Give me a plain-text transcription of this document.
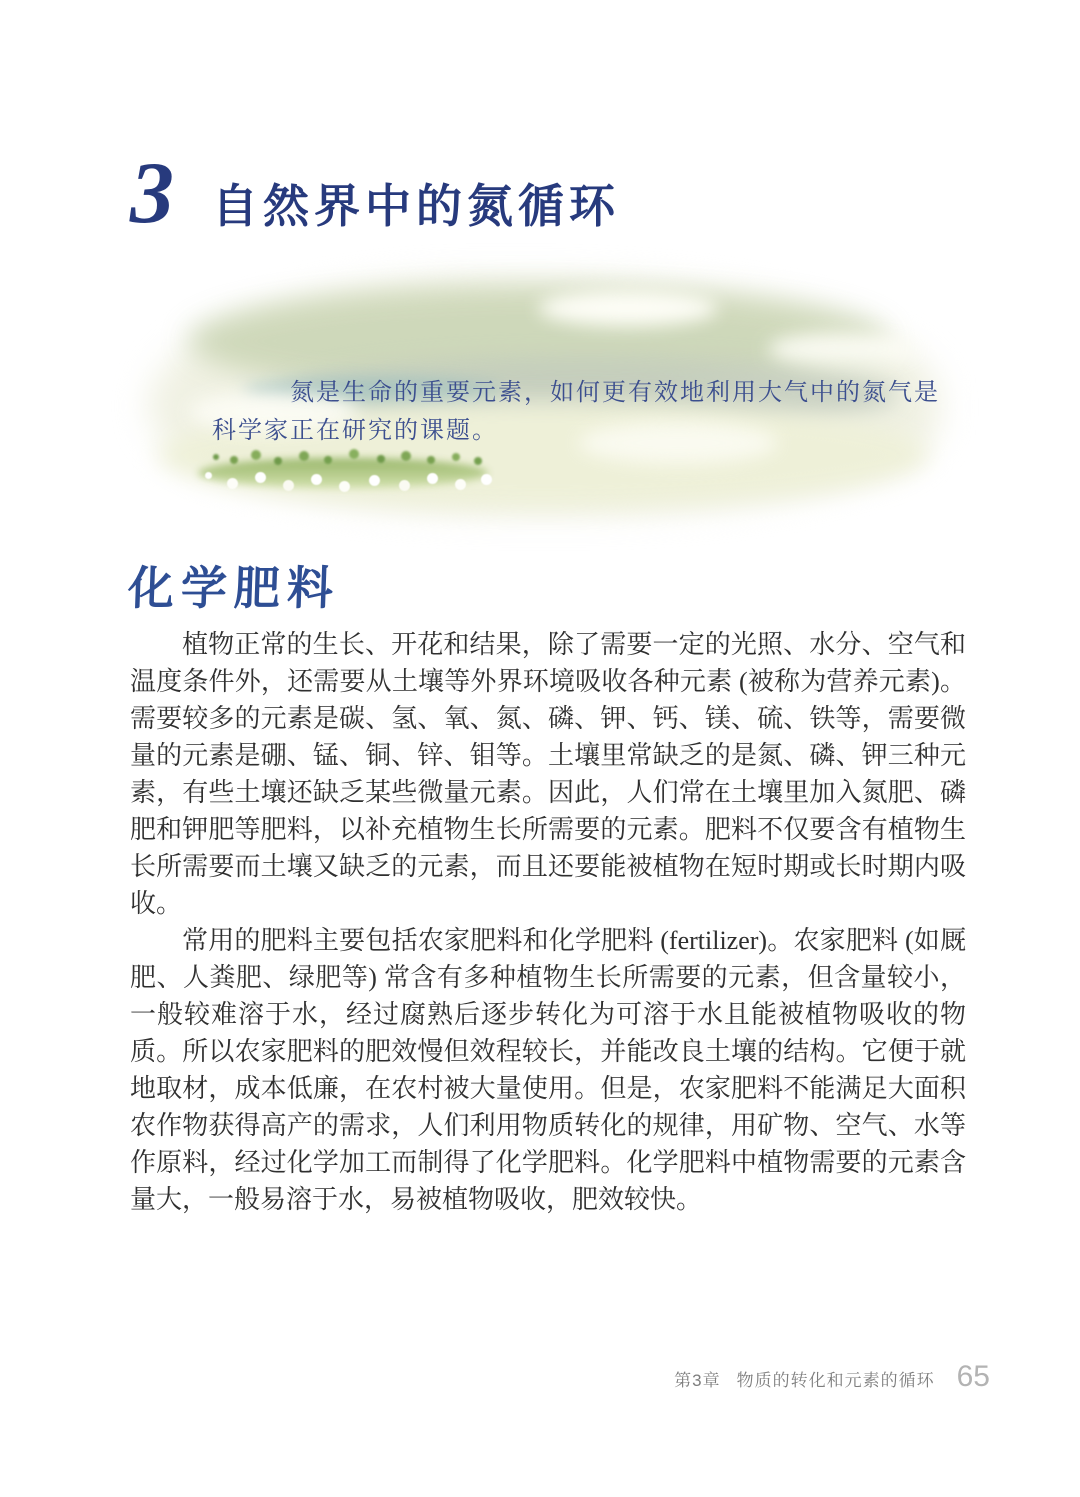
3 自然界中的氮循环
氮是生命的重要元素，如何更有效地利用大气中的氮气是
科学家正在研究的课题。
化学肥料

植物正常的生长、开花和结果，除了需要一定的光照、水分、空气和温度条件外，还需要从土壤等外界环境吸收各种元素 (被称为营养元素)。需要较多的元素是碳、氢、氧、氮、磷、钾、钙、镁、硫、铁等，需要微量的元素是硼、锰、铜、锌、钼等。土壤里常缺乏的是氮、磷、钾三种元素，有些土壤还缺乏某些微量元素。因此，人们常在土壤里加入氮肥、磷肥和钾肥等肥料，以补充植物生长所需要的元素。肥料不仅要含有植物生长所需要而土壤又缺乏的元素，而且还要能被植物在短时期或长时期内吸收。

常用的肥料主要包括农家肥料和化学肥料 (fertilizer)。农家肥料 (如厩肥、人粪肥、绿肥等) 常含有多种植物生长所需要的元素，但含量较小，一般较难溶于水，经过腐熟后逐步转化为可溶于水且能被植物吸收的物质。所以农家肥料的肥效慢但效程较长，并能改良土壤的结构。它便于就地取材，成本低廉，在农村被大量使用。但是，农家肥料不能满足大面积农作物获得高产的需求，人们利用物质转化的规律，用矿物、空气、水等作原料，经过化学加工而制得了化学肥料。化学肥料中植物需要的元素含量大，一般易溶于水，易被植物吸收，肥效较快。

第3章 物质的转化和元素的循环 65
